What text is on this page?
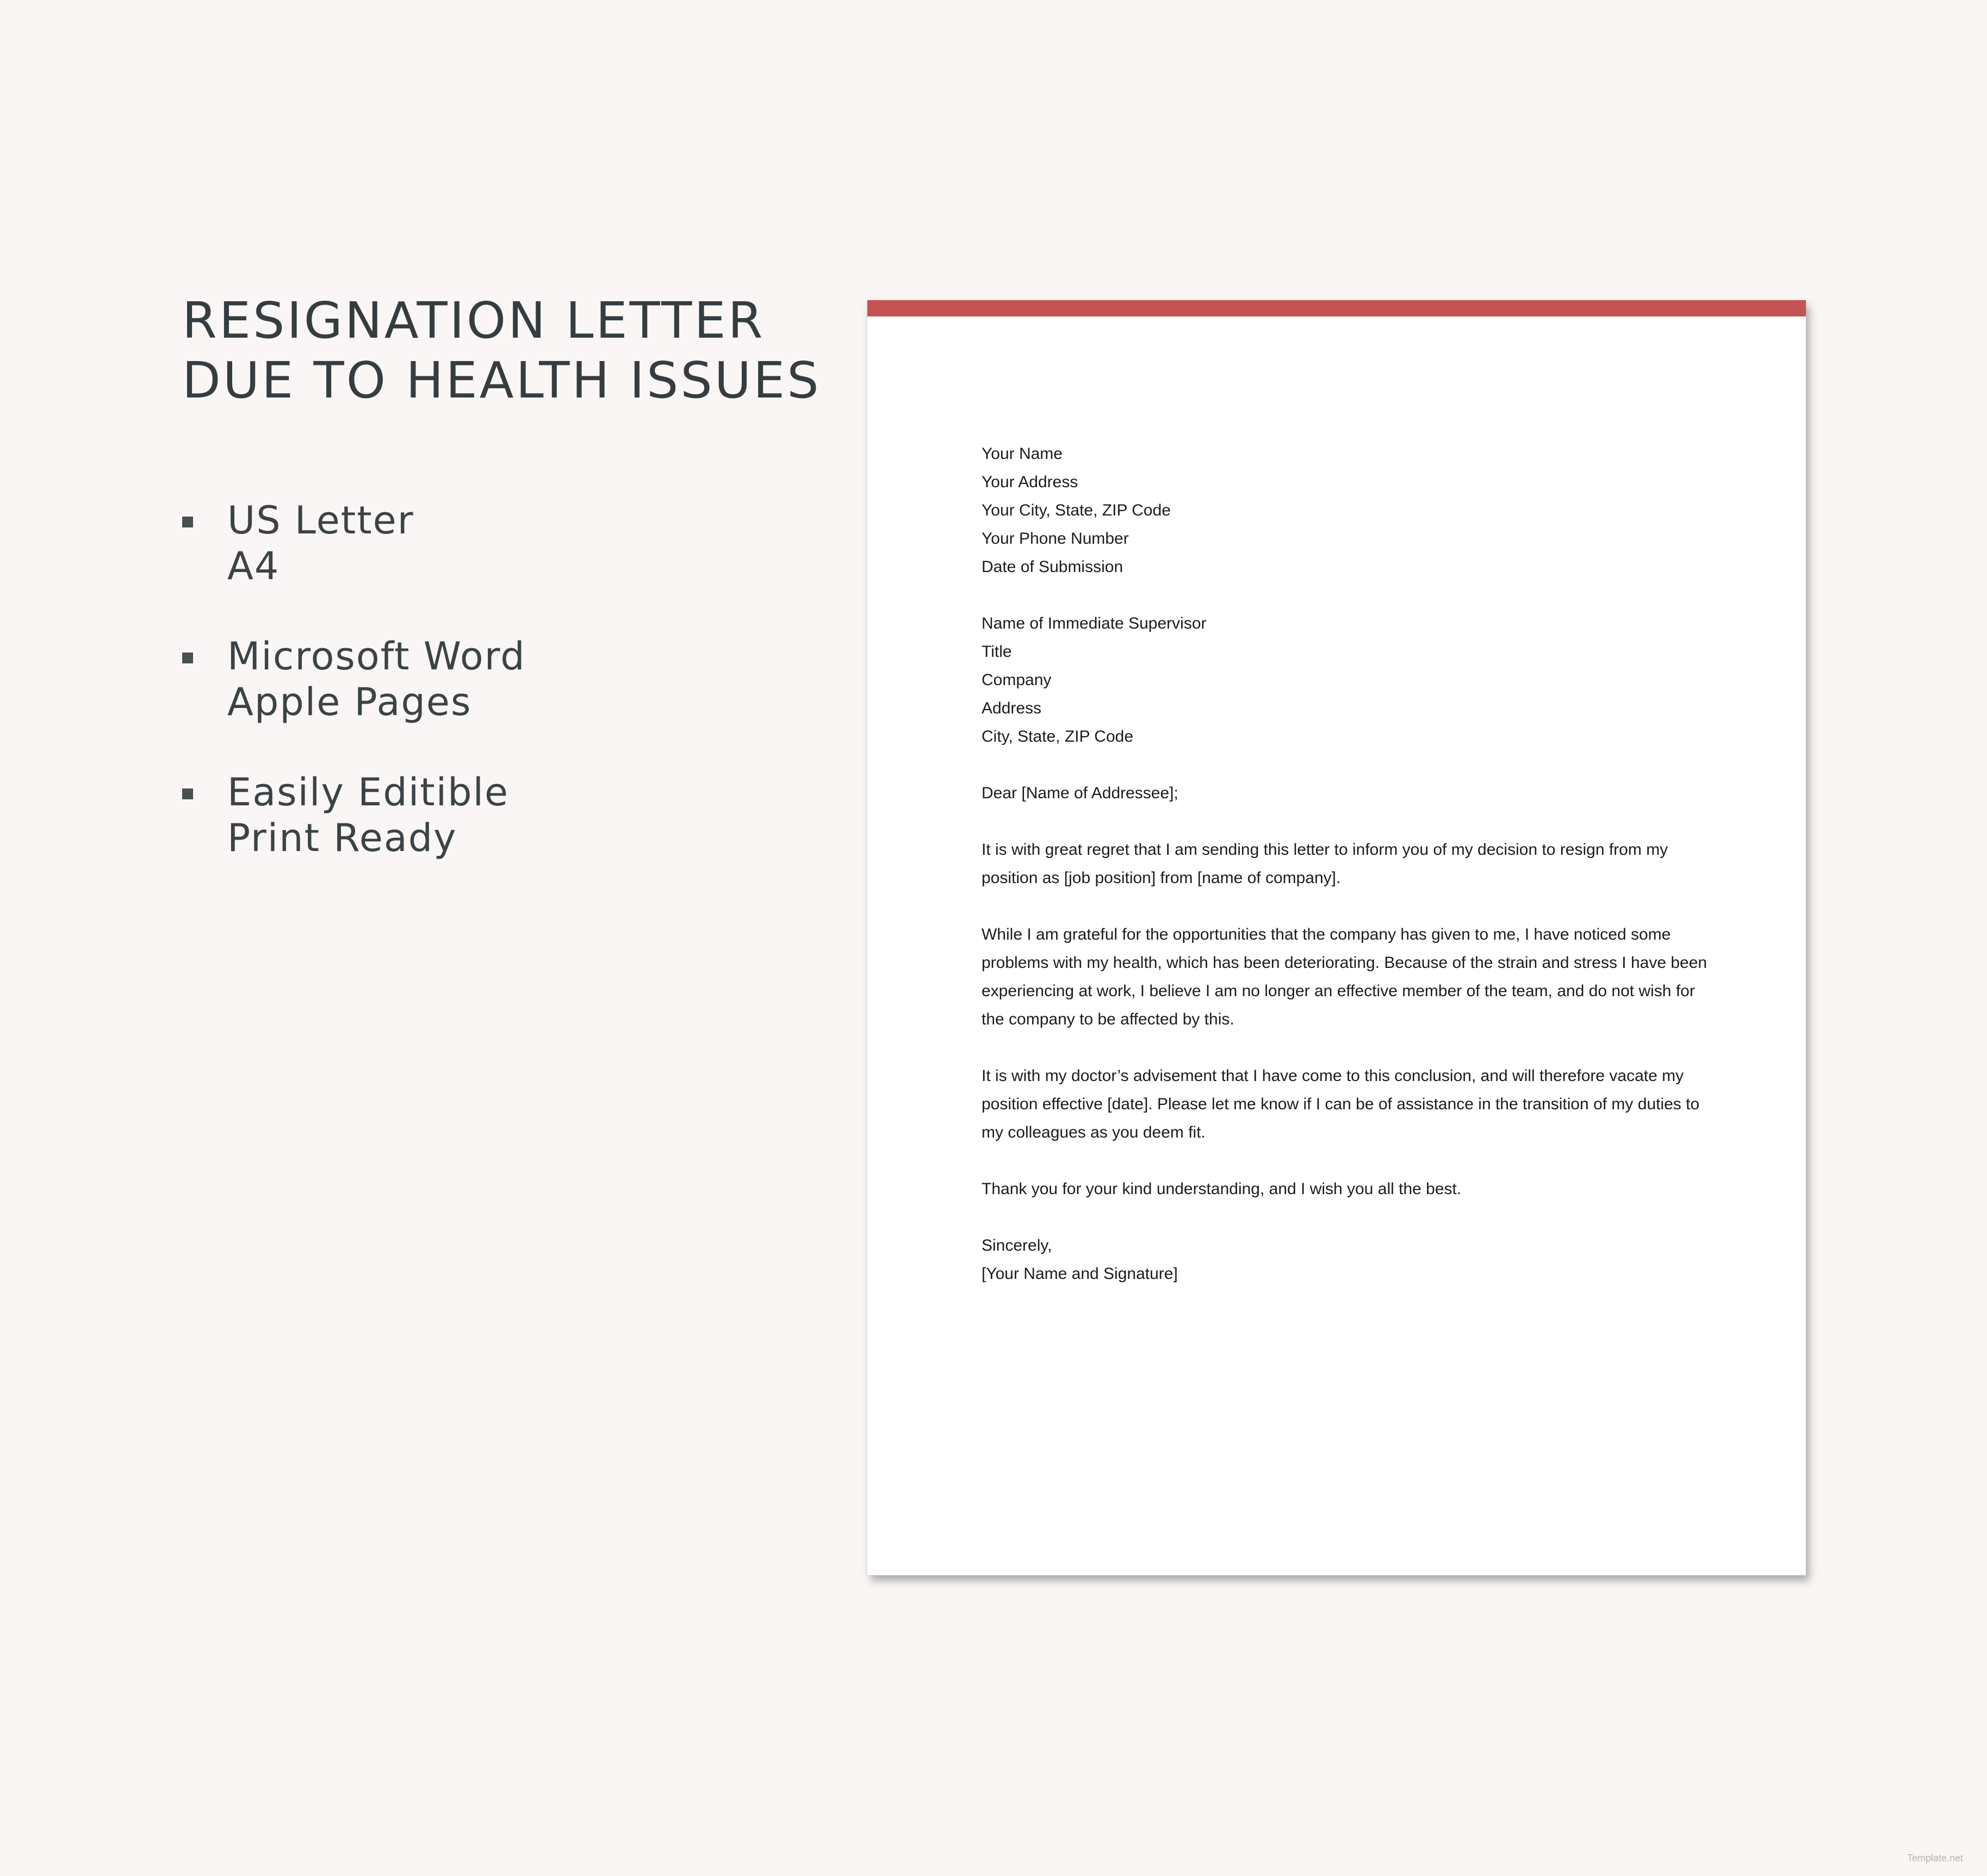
RESIGNATION LETTER
DUE TO HEALTH ISSUES
US Letter
A4
Microsoft Word
Apple Pages
Easily Editible
Print Ready
Your Name
Your Address
Your City, State, ZIP Code
Your Phone Number
Date of Submission
Name of Immediate Supervisor
Title
Company
Address
City, State, ZIP Code
Dear [Name of Addressee];
It is with great regret that I am sending this letter to inform you of my decision to resign from my
position as [job position] from [name of company].
While I am grateful for the opportunities that the company has given to me, I have noticed some
problems with my health, which has been deteriorating. Because of the strain and stress I have been
experiencing at work, I believe I am no longer an effective member of the team, and do not wish for
the company to be affected by this.
It is with my doctor’s advisement that I have come to this conclusion, and will therefore vacate my
position effective [date]. Please let me know if I can be of assistance in the transition of my duties to
my colleagues as you deem fit.
Thank you for your kind understanding, and I wish you all the best.
Sincerely,
[Your Name and Signature]
Template.net
